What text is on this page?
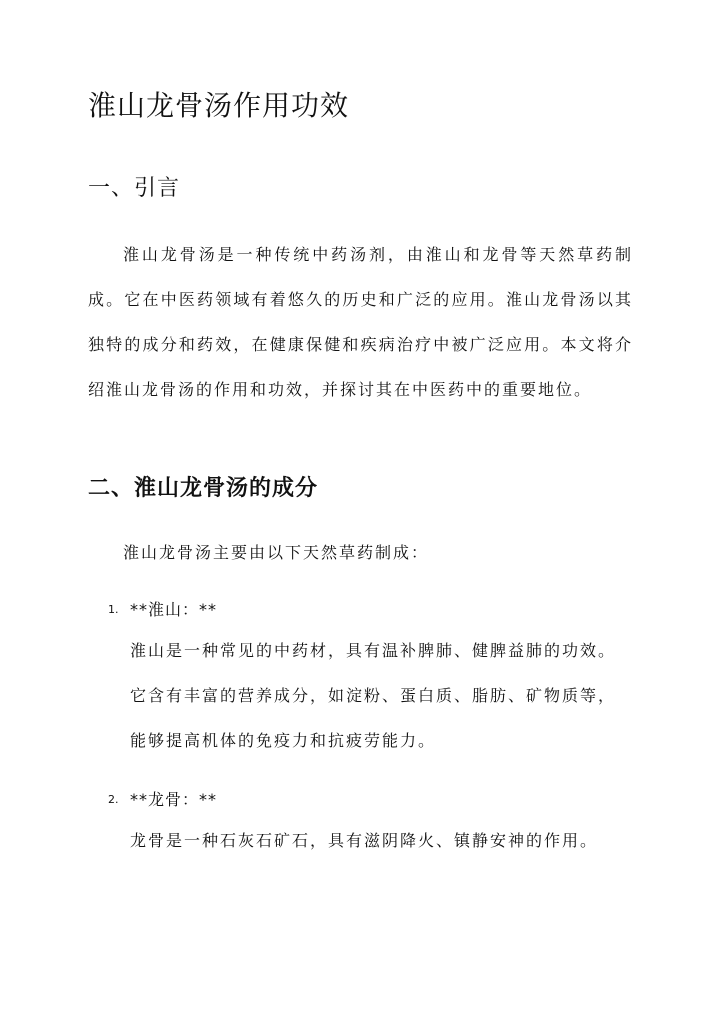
淮山龙骨汤作用功效
一、引言

淮山龙骨汤是一种传统中药汤剂，由淮山和龙骨等天然草药制成。它在中医药领域有着悠久的历史和广泛的应用。淮山龙骨汤以其独特的成分和药效，在健康保健和疾病治疗中被广泛应用。本文将介绍淮山龙骨汤的作用和功效，并探讨其在中医药中的重要地位。

二、淮山龙骨汤的成分

淮山龙骨汤主要由以下天然草药制成：

1. **淮山：**

淮山是一种常见的中药材，具有温补脾肺、健脾益肺的功效。它含有丰富的营养成分，如淀粉、蛋白质、脂肪、矿物质等，能够提高机体的免疫力和抗疲劳能力。

2. **龙骨：**

龙骨是一种石灰石矿石，具有滋阴降火、镇静安神的作用。
